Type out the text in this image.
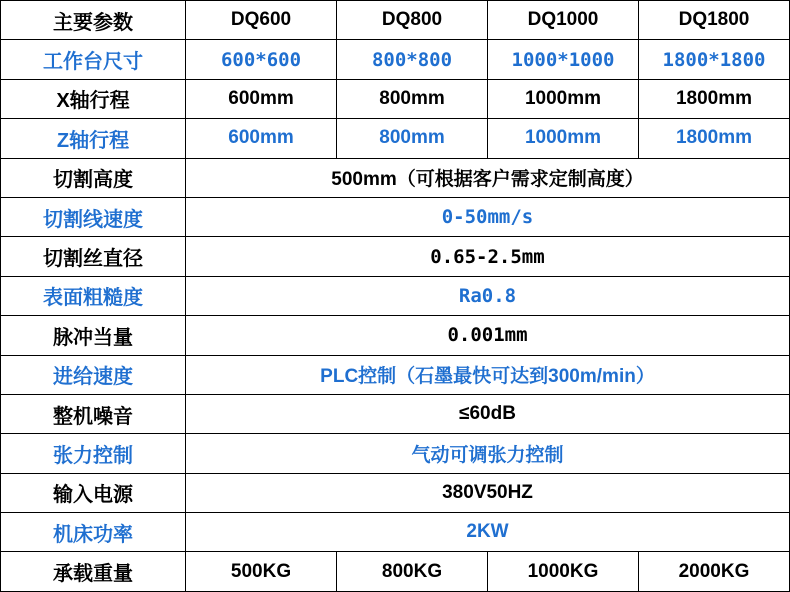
主要参数	DQ600	DQ800	DQ1000	DQ1800
工作台尺寸	600*600	800*800	1000*1000	1800*1800
X轴行程	600mm	800mm	1000mm	1800mm
Z轴行程	600mm	800mm	1000mm	1800mm
切割高度	500mm（可根据客户需求定制高度）			
切割线速度	0-50mm/s			
切割丝直径	0.65-2.5mm			
表面粗糙度	Ra0.8			
脉冲当量	0.001mm			
进给速度	PLC控制（石墨最快可达到300m/min）			
整机噪音	≤60dB			
张力控制	气动可调张力控制			
输入电源	380V50HZ			
机床功率	2KW			
承载重量	500KG	800KG	1000KG	2000KG
